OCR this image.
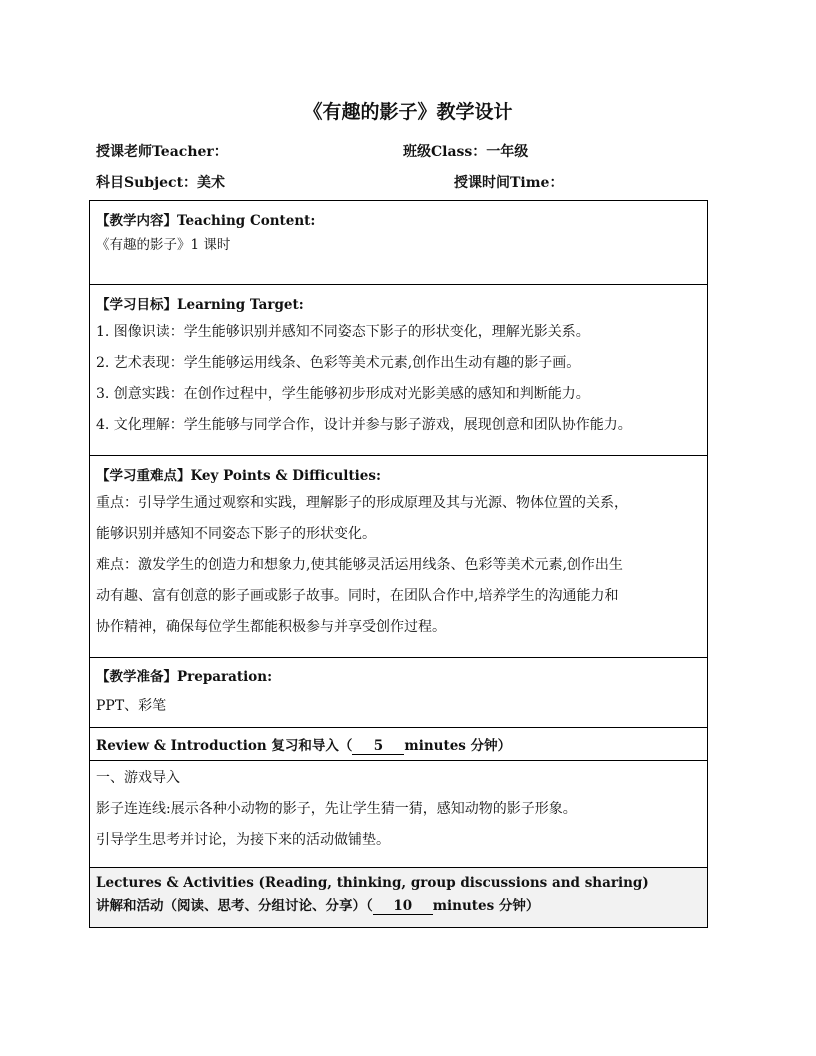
《有趣的影子》教学设计
授课老师Teacher：	班级Class：一年级
科目Subject：美术	授课时间Time：
【教学内容】Teaching Content:
《有趣的影子》1 课时

【学习目标】Learning Target:
1. 图像识读：学生能够识别并感知不同姿态下影子的形状变化，理解光影关系。
2. 艺术表现：学生能够运用线条、色彩等美术元素,创作出生动有趣的影子画。
3. 创意实践：在创作过程中，学生能够初步形成对光影美感的感知和判断能力。
4. 文化理解：学生能够与同学合作，设计并参与影子游戏，展现创意和团队协作能力。

【学习重难点】Key Points & Difficulties:
重点：引导学生通过观察和实践，理解影子的形成原理及其与光源、物体位置的关系，
能够识别并感知不同姿态下影子的形状变化。
难点：激发学生的创造力和想象力,使其能够灵活运用线条、色彩等美术元素,创作出生
动有趣、富有创意的影子画或影子故事。同时，在团队合作中,培养学生的沟通能力和
协作精神，确保每位学生都能积极参与并享受创作过程。

【教学准备】Preparation:
PPT、彩笔

Review & Introduction 复习和导入（ 5 minutes 分钟）

一、游戏导入
影子连连线:展示各种小动物的影子，先让学生猜一猜，感知动物的影子形象。
引导学生思考并讨论，为接下来的活动做铺垫。

Lectures & Activities (Reading, thinking, group discussions and sharing)
讲解和活动（阅读、思考、分组讨论、分享）（ 10 minutes 分钟）
